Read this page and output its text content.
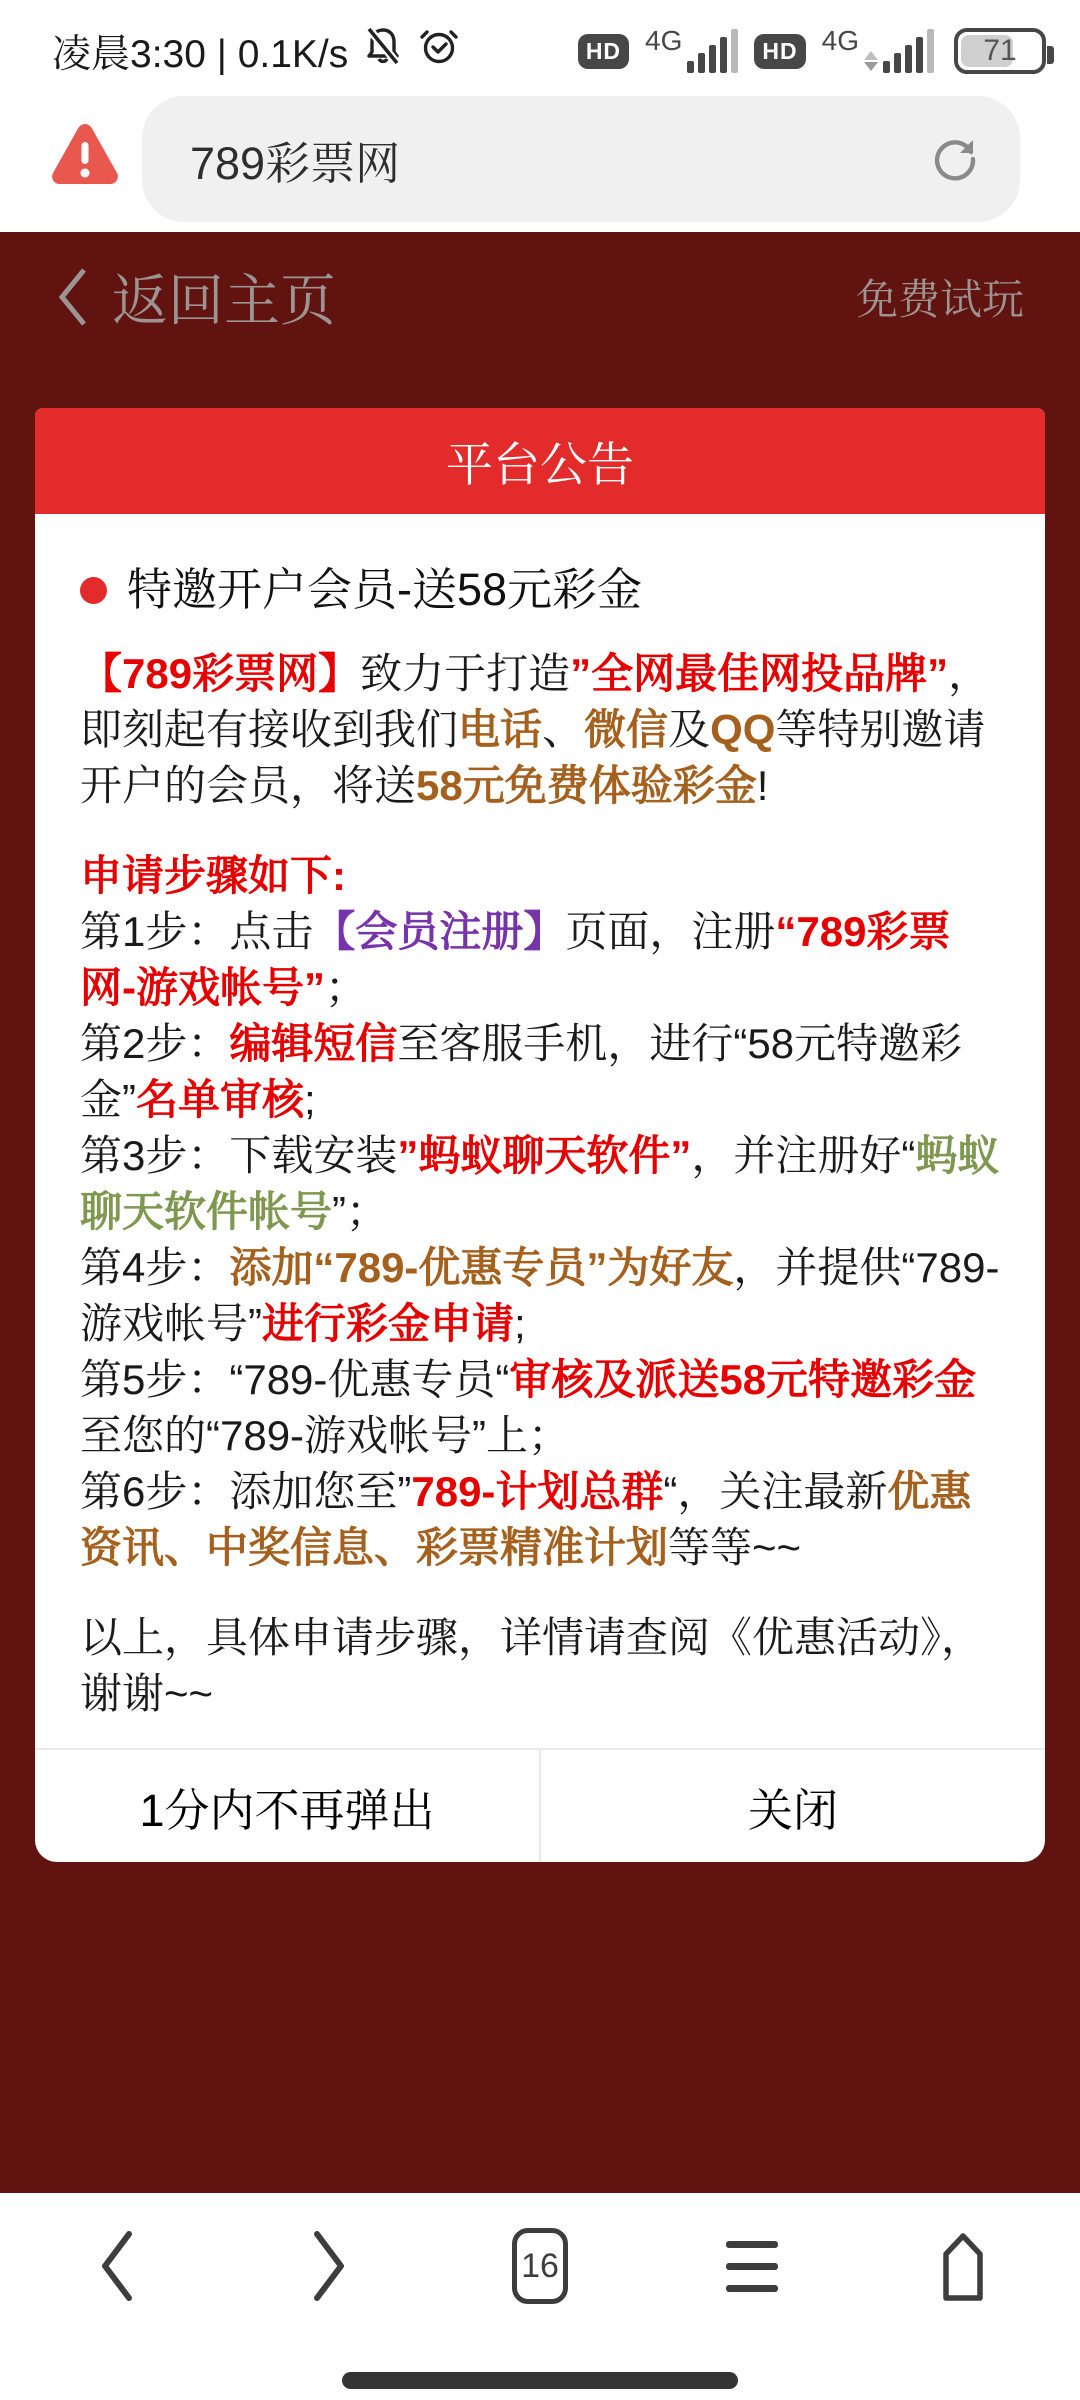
凌晨3:30 | 0.1K/s	HD 4G	HD 4G	71
789彩票网
返回主页	免费试玩
平台公告
特邀开户会员-送58元彩金

【789彩票网】致力于打造”全网最佳网投品牌”，即刻起有接收到我们电话、微信及QQ等特别邀请开户的会员，将送58元免费体验彩金!

申请步骤如下:

第1步：点击【会员注册】页面，注册“789彩票网-游戏帐号”；

第2步：编辑短信至客服手机，进行“58元特邀彩金”名单审核;

第3步：下载安装”蚂蚁聊天软件”，并注册好“蚂蚁聊天软件帐号”；

第4步：添加“789-优惠专员”为好友，并提供“789-游戏帐号”进行彩金申请;

第5步：“789-优惠专员“审核及派送58元特邀彩金至您的“789-游戏帐号”上；

第6步：添加您至”789-计划总群“，关注最新优惠资讯、中奖信息、彩票精准计划等等~~

以上，具体申请步骤，详情请查阅《优惠活动》，谢谢~~

1分内不再弹出	关闭
16
